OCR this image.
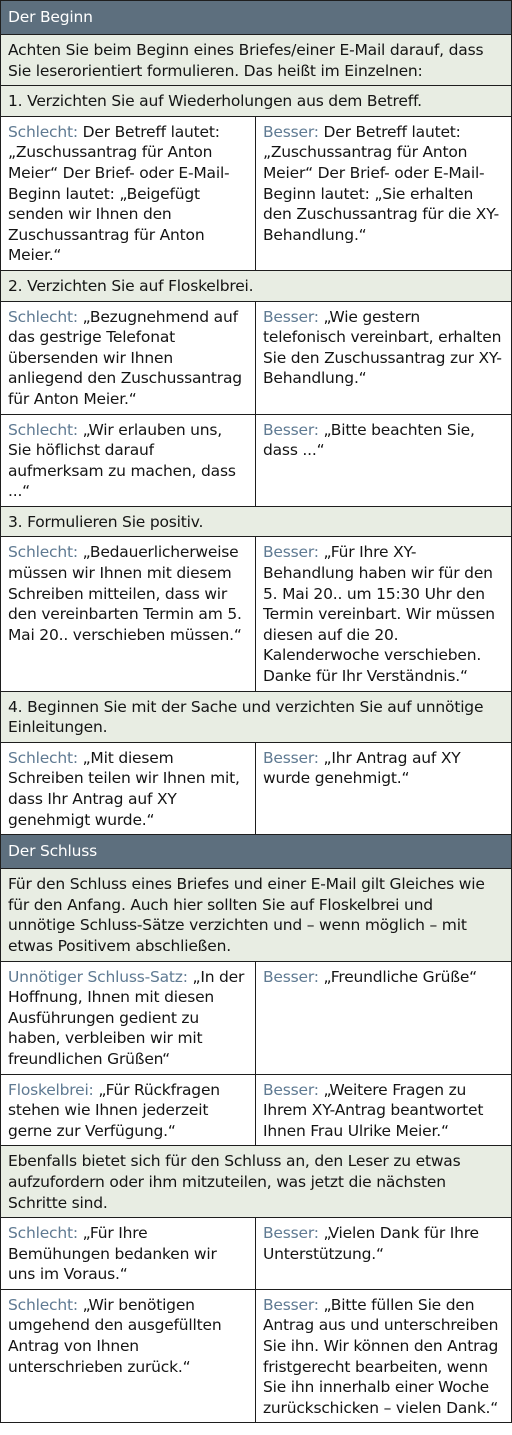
Der Beginn
Achten Sie beim Beginn eines Briefes/einer E-Mail darauf, dass Sie leserorientiert formulieren. Das heißt im Einzelnen:
1. Verzichten Sie auf Wiederholungen aus dem Betreff.
Schlecht: Der Betreff lautet: „Zuschussantrag für Anton Meier“ Der Brief- oder E-Mail-Beginn lautet: „Beigefügt senden wir Ihnen den Zuschussantrag für Anton Meier.“
Besser: Der Betreff lautet: „Zuschussantrag für Anton Meier“ Der Brief- oder E-Mail-Beginn lautet: „Sie erhalten den Zuschussantrag für die XY-Behandlung.“
2. Verzichten Sie auf Floskelbrei.
Schlecht: „Bezugnehmend auf das gestrige Telefonat übersenden wir Ihnen anliegend den Zuschussantrag für Anton Meier.“
Besser: „Wie gestern telefonisch vereinbart, erhalten Sie den Zuschussantrag zur XY-Behandlung.“
Schlecht: „Wir erlauben uns, Sie höflichst darauf aufmerksam zu machen, dass ...“
Besser: „Bitte beachten Sie, dass ...“
3. Formulieren Sie positiv.
Schlecht: „Bedauerlicherweise müssen wir Ihnen mit diesem Schreiben mitteilen, dass wir den vereinbarten Termin am 5. Mai 20.. verschieben müssen.“
Besser: „Für Ihre XY-Behandlung haben wir für den 5. Mai 20.. um 15:30 Uhr den Termin vereinbart. Wir müssen diesen auf die 20. Kalenderwoche verschieben. Danke für Ihr Verständnis.“
4. Beginnen Sie mit der Sache und verzichten Sie auf unnötige Einleitungen.
Schlecht: „Mit diesem Schreiben teilen wir Ihnen mit, dass Ihr Antrag auf XY genehmigt wurde.“
Besser: „Ihr Antrag auf XY wurde genehmigt.“
Der Schluss
Für den Schluss eines Briefes und einer E-Mail gilt Gleiches wie für den Anfang. Auch hier sollten Sie auf Floskelbrei und unnötige Schluss-Sätze verzichten und – wenn möglich – mit etwas Positivem abschließen.
Unnötiger Schluss-Satz: „In der Hoffnung, Ihnen mit diesen Ausführungen gedient zu haben, verbleiben wir mit freundlichen Grüßen“
Besser: „Freundliche Grüße“
Floskelbrei: „Für Rückfragen stehen wie Ihnen jederzeit gerne zur Verfügung.“
Besser: „Weitere Fragen zu Ihrem XY-Antrag beantwortet Ihnen Frau Ulrike Meier.“
Ebenfalls bietet sich für den Schluss an, den Leser zu etwas aufzufordern oder ihm mitzuteilen, was jetzt die nächsten Schritte sind.
Schlecht: „Für Ihre Bemühungen bedanken wir uns im Voraus.“
Besser: „Vielen Dank für Ihre Unterstützung.“
Schlecht: „Wir benötigen umgehend den ausgefüllten Antrag von Ihnen unterschrieben zurück.“
Besser: „Bitte füllen Sie den Antrag aus und unterschreiben Sie ihn. Wir können den Antrag fristgerecht bearbeiten, wenn Sie ihn innerhalb einer Woche zurückschicken – vielen Dank.“
